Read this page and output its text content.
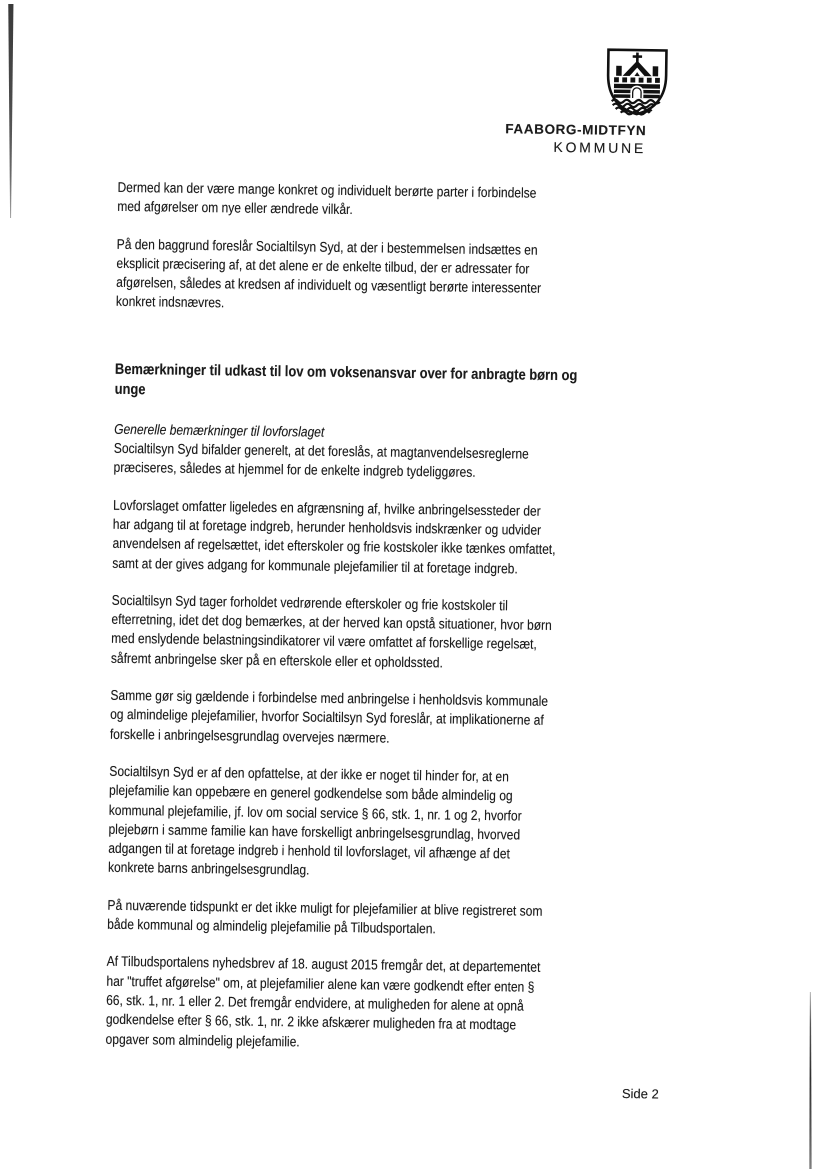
FAABORG-MIDTFYN
KOMMUNE

Dermed kan der være mange konkret og individuelt berørte parter i forbindelse
med afgørelser om nye eller ændrede vilkår.

På den baggrund foreslår Socialtilsyn Syd, at der i bestemmelsen indsættes en
eksplicit præcisering af, at det alene er de enkelte tilbud, der er adressater for
afgørelsen, således at kredsen af individuelt og væsentligt berørte interessenter
konkret indsnævres.

Bemærkninger til udkast til lov om voksenansvar over for anbragte børn og
unge

Generelle bemærkninger til lovforslaget

Socialtilsyn Syd bifalder generelt, at det foreslås, at magtanvendelsesreglerne
præciseres, således at hjemmel for de enkelte indgreb tydeliggøres.

Lovforslaget omfatter ligeledes en afgrænsning af, hvilke anbringelsessteder der
har adgang til at foretage indgreb, herunder henholdsvis indskrænker og udvider
anvendelsen af regelsættet, idet efterskoler og frie kostskoler ikke tænkes omfattet,
samt at der gives adgang for kommunale plejefamilier til at foretage indgreb.

Socialtilsyn Syd tager forholdet vedrørende efterskoler og frie kostskoler til
efterretning, idet det dog bemærkes, at der herved kan opstå situationer, hvor børn
med enslydende belastningsindikatorer vil være omfattet af forskellige regelsæt,
såfremt anbringelse sker på en efterskole eller et opholdssted.

Samme gør sig gældende i forbindelse med anbringelse i henholdsvis kommunale
og almindelige plejefamilier, hvorfor Socialtilsyn Syd foreslår, at implikationerne af
forskelle i anbringelsesgrundlag overvejes nærmere.

Socialtilsyn Syd er af den opfattelse, at der ikke er noget til hinder for, at en
plejefamilie kan oppebære en generel godkendelse som både almindelig og
kommunal plejefamilie, jf. lov om social service § 66, stk. 1, nr. 1 og 2, hvorfor
plejebørn i samme familie kan have forskelligt anbringelsesgrundlag, hvorved
adgangen til at foretage indgreb i henhold til lovforslaget, vil afhænge af det
konkrete barns anbringelsesgrundlag.

På nuværende tidspunkt er det ikke muligt for plejefamilier at blive registreret som
både kommunal og almindelig plejefamilie på Tilbudsportalen.

Af Tilbudsportalens nyhedsbrev af 18. august 2015 fremgår det, at departementet
har "truffet afgørelse" om, at plejefamilier alene kan være godkendt efter enten §
66, stk. 1, nr. 1 eller 2. Det fremgår endvidere, at muligheden for alene at opnå
godkendelse efter § 66, stk. 1, nr. 2 ikke afskærer muligheden fra at modtage
opgaver som almindelig plejefamilie.

Side 2
